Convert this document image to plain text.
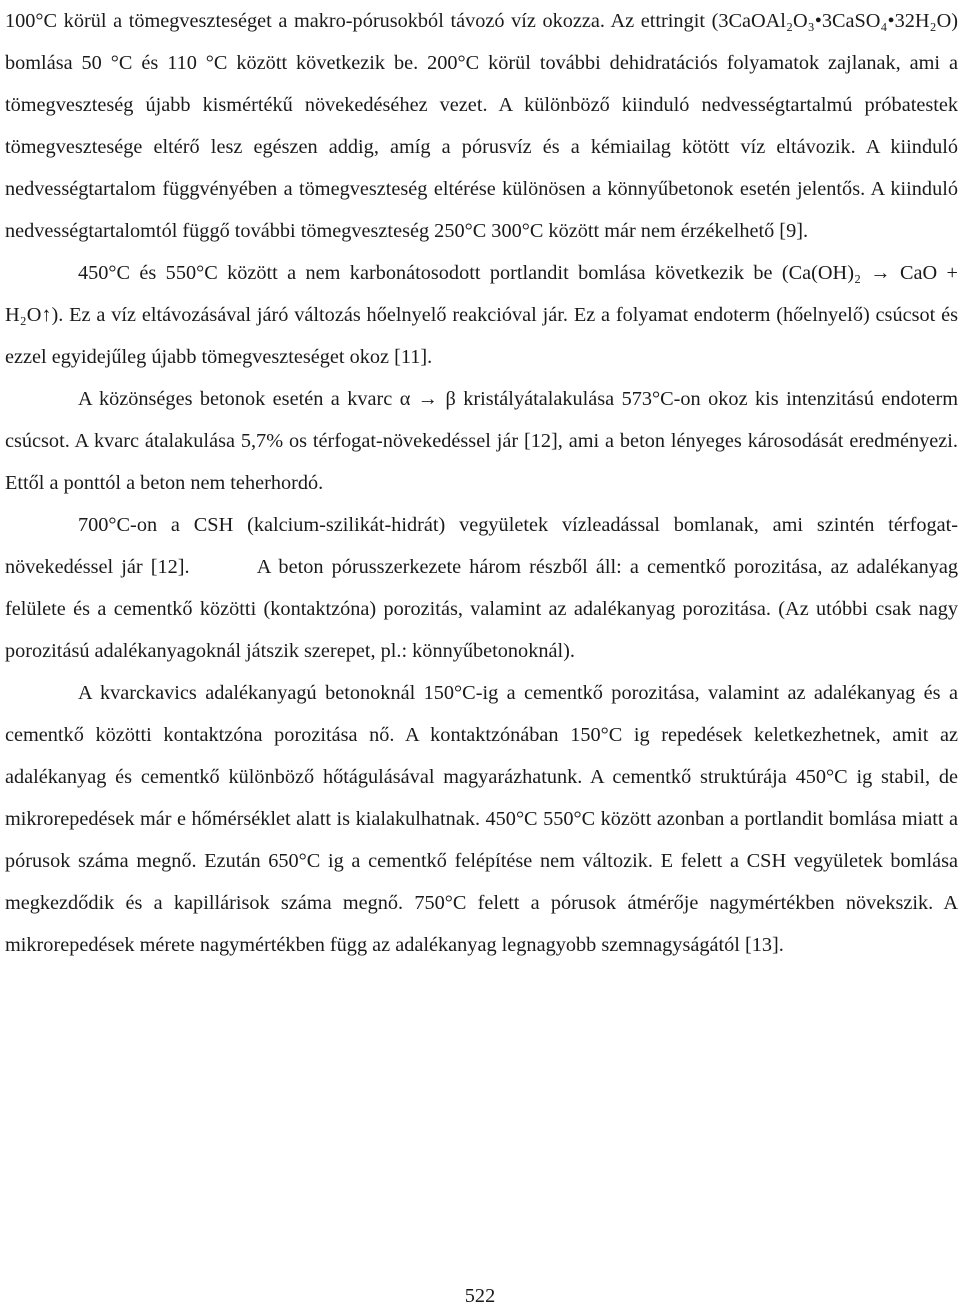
100°C körül a tömegveszteséget a makro-pórusokból távozó víz okozza. Az ettringit (3CaOAl₂O₃•3CaSO₄•32H₂O) bomlása 50 °C és 110 °C között következik be. 200°C körül további dehidratációs folyamatok zajlanak, ami a tömegveszteség újabb kismértékű növekedéséhez vezet. A különböző kiinduló nedvességtartalmú próbatestek tömegvesztesége eltérő lesz egészen addig, amíg a pórusvíz és a kémiailag kötött víz eltávozik. A kiinduló nedvességtartalom függvényében a tömegveszteség eltérése különösen a könnyűbetonok esetén jelentős. A kiinduló nedvességtartalomtól függő további tömegveszteség 250°C 300°C között már nem érzékelhető [9].

450°C és 550°C között a nem karbonátosodott portlandit bomlása következik be (Ca(OH)₂ → CaO + H₂O↑). Ez a víz eltávozásával járó változás hőelnyelő reakcióval jár. Ez a folyamat endoterm (hőelnyelő) csúcsot és ezzel egyidejűleg újabb tömegveszteséget okoz [11].

A közönséges betonok esetén a kvarc α → β kristályátalakulása 573°C-on okoz kis intenzitású endoterm csúcsot. A kvarc átalakulása 5,7% os térfogat-növekedéssel jár [12], ami a beton lényeges károsodását eredményezi. Ettől a ponttól a beton nem teherhordó.

700°C-on a CSH (kalcium-szilikát-hidrát) vegyületek vízleadással bomlanak, ami szintén térfogat-növekedéssel jár [12].	A beton pórusszerkezete három részből áll: a cementkő porozitása, az adalékanyag felülete és a cementkő közötti (kontaktzóna) porozitás, valamint az adalékanyag porozitása. (Az utóbbi csak nagy porozitású adalékanyagoknál játszik szerepet, pl.: könnyűbetonoknál).

A kvarckavics adalékanyagú betonoknál 150°C-ig a cementkő porozitása, valamint az adalékanyag és a cementkő közötti kontaktzóna porozitása nő. A kontaktzónában 150°C ig repedések keletkezhetnek, amit az adalékanyag és cementkő különböző hőtágulásával magyarázhatunk. A cementkő struktúrája 450°C ig stabil, de mikrorepedések már e hőmérséklet alatt is kialakulhatnak. 450°C 550°C között azonban a portlandit bomlása miatt a pórusok száma megnő. Ezután 650°C ig a cementkő felépítése nem változik. E felett a CSH vegyületek bomlása megkezdődik és a kapillárisok száma megnő. 750°C felett a pórusok átmérője nagymértékben növekszik. A mikrorepedések mérete nagymértékben függ az adalékanyag legnagyobb szemnagyságától [13].

522
